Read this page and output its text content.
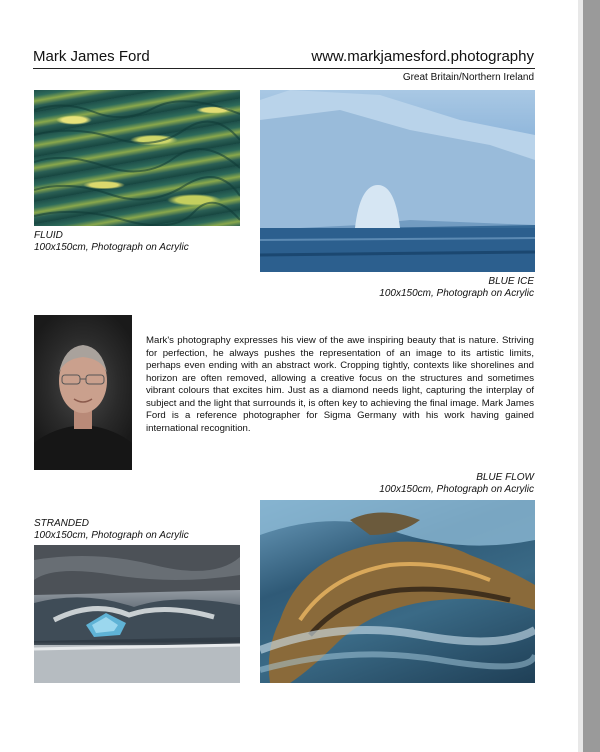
Mark James Ford	www.markjamesford.photography
Great Britain/Northern Ireland
FLUID
100x150cm, Photograph on Acrylic
BLUE ICE
100x150cm, Photograph on Acrylic
Mark's photography expresses his view of the awe inspiring beauty that is nature. Striving for perfection, he always pushes the representation of an image to its artistic limits, perhaps even ending with an abstract work. Cropping tightly, contexts like shorelines and horizon are often removed, allowing a creative focus on the structures and sometimes vibrant colours that excites him. Just as a diamond needs light, capturing the interplay of subject and the light that surrounds it, is often key to achieving the final image. Mark James Ford is a reference photographer for Sigma Germany with his work having gained international recognition.
BLUE FLOW
100x150cm, Photograph on Acrylic
STRANDED
100x150cm, Photograph on Acrylic
